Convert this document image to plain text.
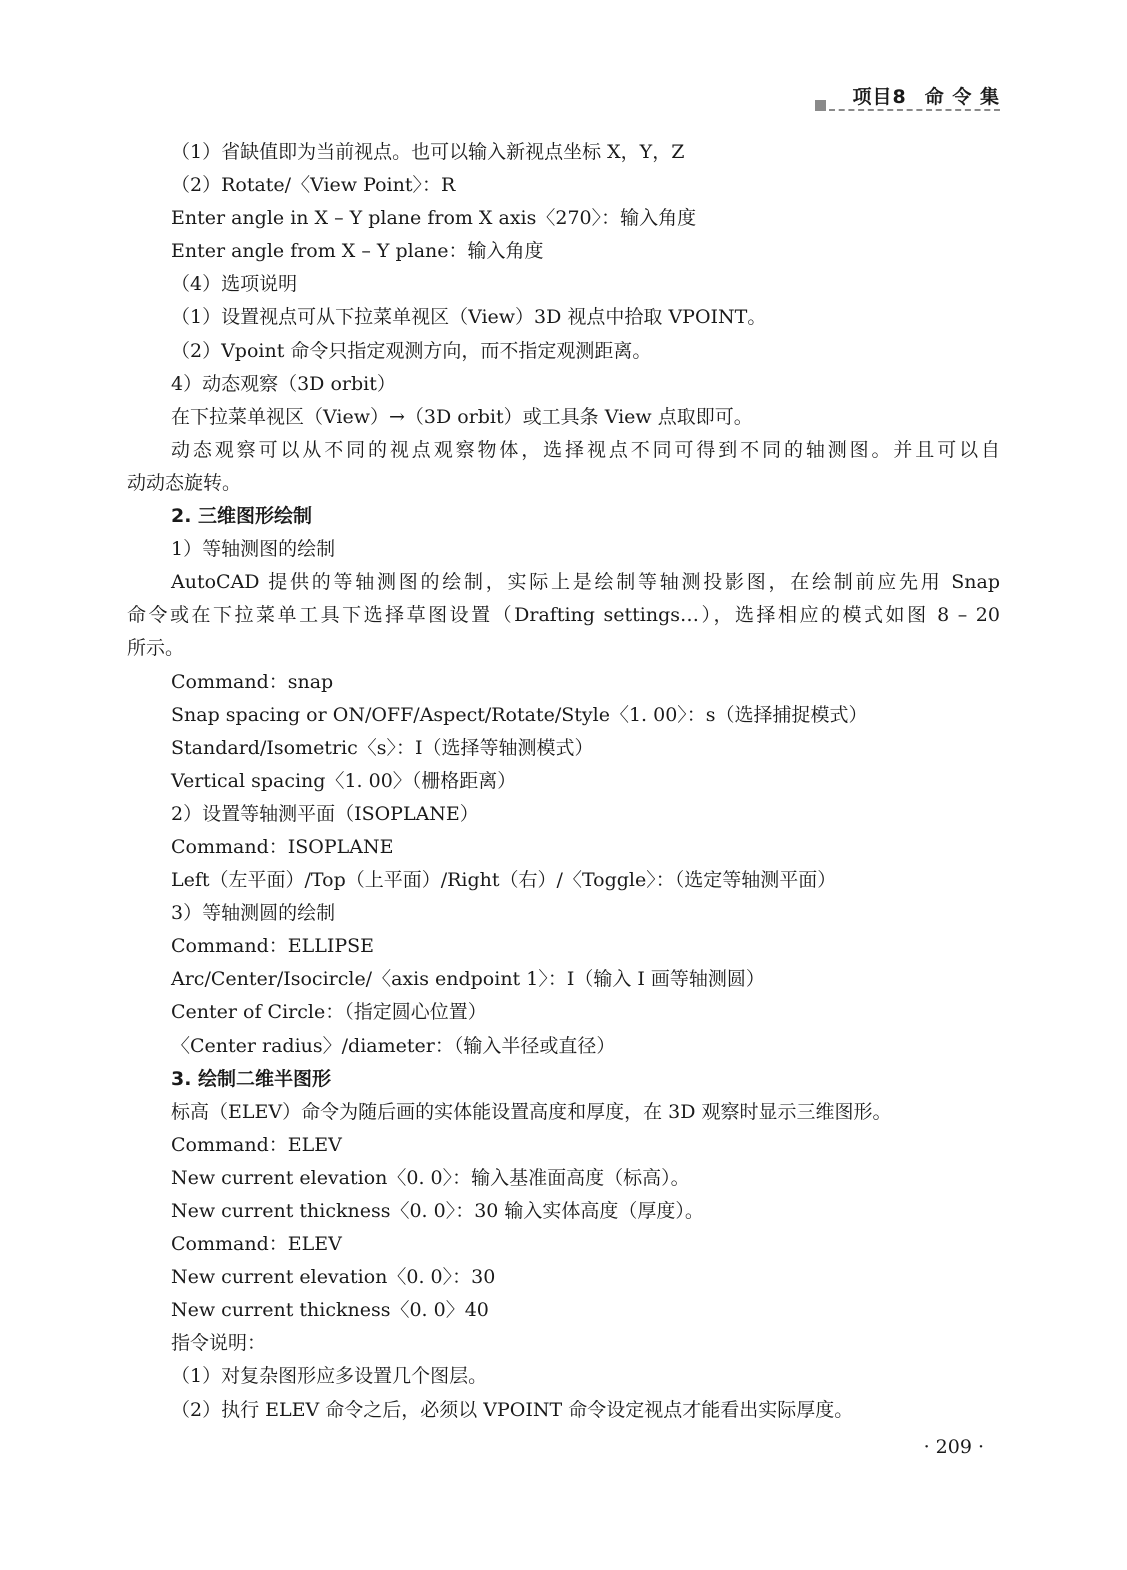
项目8 命 令 集
（1）省缺值即为当前视点。也可以输入新视点坐标 X，Y，Z
（2）Rotate/〈View Point〉：R
Enter angle in X – Y plane from X axis〈270〉：输入角度
Enter angle from X – Y plane：输入角度
（4）选项说明
（1）设置视点可从下拉菜单视区（View）3D 视点中拾取 VPOINT。
（2）Vpoint 命令只指定观测方向，而不指定观测距离。
4）动态观察（3D orbit）
在下拉菜单视区（View）→（3D orbit）或工具条 View 点取即可。
动态观察可以从不同的视点观察物体，选择视点不同可得到不同的轴测图。并且可以自
动动态旋转。
2. 三维图形绘制
1）等轴测图的绘制
AutoCAD 提供的等轴测图的绘制，实际上是绘制等轴测投影图，在绘制前应先用 Snap
命令或在下拉菜单工具下选择草图设置（Drafting settings…），选择相应的模式如图 8 – 20
所示。
Command：snap
Snap spacing or ON/OFF/Aspect/Rotate/Style〈1. 00〉：s（选择捕捉模式）
Standard/Isometric〈s〉：I（选择等轴测模式）
Vertical spacing〈1. 00〉（栅格距离）
2）设置等轴测平面（ISOPLANE）
Command：ISOPLANE
Left（左平面）/Top（上平面）/Right（右）/〈Toggle〉：（选定等轴测平面）
3）等轴测圆的绘制
Command：ELLIPSE
Arc/Center/Isocircle/〈axis endpoint 1〉：I（输入 I 画等轴测圆）
Center of Circle：（指定圆心位置）
〈Center radius〉/diameter：（输入半径或直径）
3. 绘制二维半图形
标高（ELEV）命令为随后画的实体能设置高度和厚度，在 3D 观察时显示三维图形。
Command：ELEV
New current elevation〈0. 0〉：输入基准面高度（标高）。
New current thickness〈0. 0〉：30 输入实体高度（厚度）。
Command：ELEV
New current elevation〈0. 0〉：30
New current thickness〈0. 0〉40
指令说明：
（1）对复杂图形应多设置几个图层。
（2）执行 ELEV 命令之后，必须以 VPOINT 命令设定视点才能看出实际厚度。
· 209 ·
